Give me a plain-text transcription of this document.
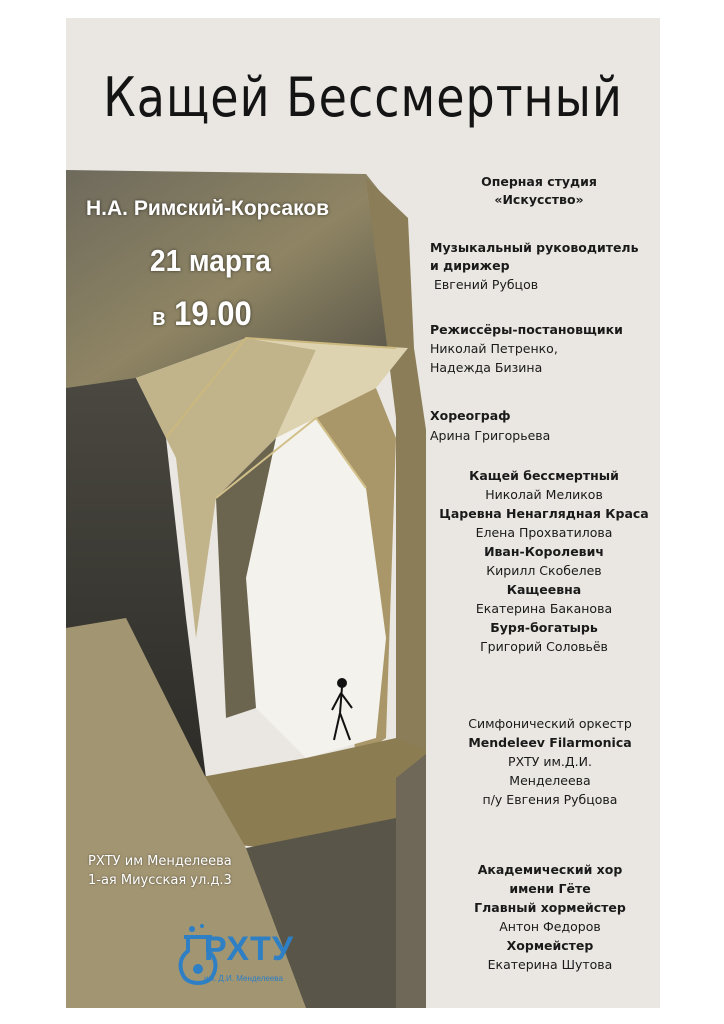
Кащей Бессмертный
Н.А. Римский-Корсаков
21 марта
в 19.00
Оперная студия
«Искусство»
Музыкальный руководитель
и дирижер
Евгений Рубцов
Режиссёры-постановщики
Николай Петренко,
Надежда Бизина
Хореограф
Арина Григорьева
Кащей бессмертный
Николай Меликов
Царевна Ненаглядная Краса
Елена Прохватилова
Иван-Королевич
Кирилл Скобелев
Кащеевна
Екатерина Баканова
Буря-богатырь
Григорий Соловьёв
Симфонический оркестр
Mendeleev Filarmonica
РХТУ им.Д.И.
Менделеева
п/у Евгения Рубцова
Академический хор
имени Гёте
Главный хормейстер
Антон Федоров
Хормейстер
Екатерина Шутова
РХТУ им Менделеева
1-ая Миусская ул.д.3
РХТУ
им. Д.И. Менделеева
